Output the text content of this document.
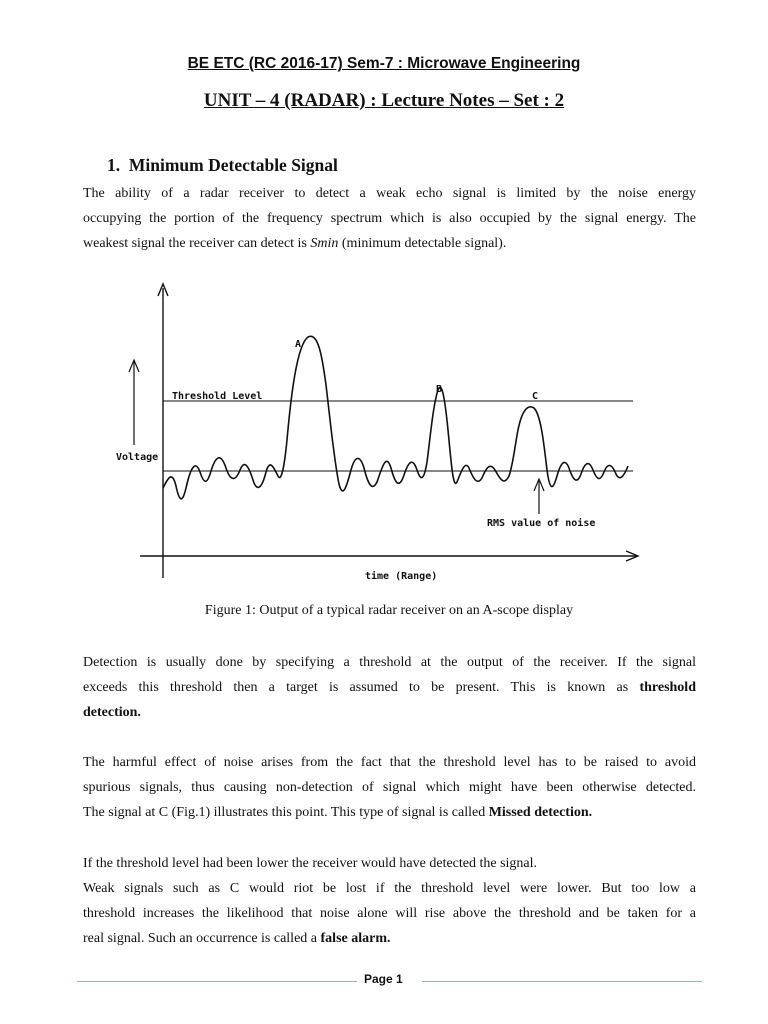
BE ETC (RC 2016-17) Sem-7 : Microwave Engineering
UNIT – 4 (RADAR) : Lecture Notes – Set : 2
1. Minimum Detectable Signal
The ability of a radar receiver to detect a weak echo signal is limited by the noise energy
occupying the portion of the frequency spectrum which is also occupied by the signal energy. The
weakest signal the receiver can detect is Smin (minimum detectable signal).
Threshold Level
Voltage
time (Range)
RMS value of noise
A
B
C
Figure 1: Output of a typical radar receiver on an A-scope display
Detection is usually done by specifying a threshold at the output of the receiver. If the signal
exceeds this threshold then a target is assumed to be present. This is known as threshold
detection.
The harmful effect of noise arises from the fact that the threshold level has to be raised to avoid
spurious signals, thus causing non-detection of signal which might have been otherwise detected.
The signal at C (Fig.1) illustrates this point. This type of signal is called Missed detection.
If the threshold level had been lower the receiver would have detected the signal.
Weak signals such as C would riot be lost if the threshold level were lower. But too low a
threshold increases the likelihood that noise alone will rise above the threshold and be taken for a
real signal. Such an occurrence is called a false alarm.
Page 1
